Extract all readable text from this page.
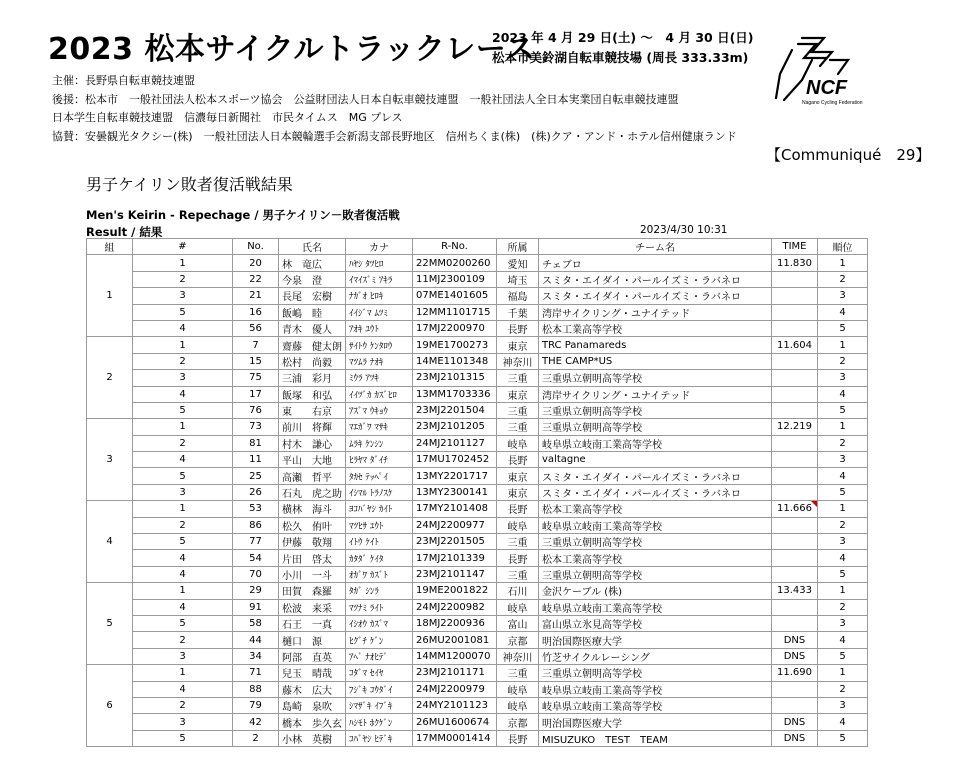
2023 松本サイクルトラックレース
2023 年 4 月 29 日(土) ～　4 月 30 日(日)
松本市美鈴湖自転車競技場 (周長 333.33m)
NCF
Nagano Cycling Federation
主催：長野県自転車競技連盟
後援：松本市　一般社団法人松本スポーツ協会　公益財団法人日本自転車競技連盟　一般社団法人全日本実業団自転車競技連盟
日本学生自転車競技連盟　信濃毎日新聞社　市民タイムス　MG プレス
協賛：安曇観光タクシー(株)　一般社団法人日本競輪選手会新潟支部長野地区　信州ちくま(株)　(株)クア・アンド・ホテル信州健康ランド
【Communiqué　29】
男子ケイリン敗者復活戦結果
Men's Keirin - Repechage / 男子ケイリン－敗者復活戦
Result / 結果	2023/4/30 10:31
組	#	No.	氏名	カナ	R-No.	所属	チーム名	TIME	順位
1	1	20	林　竜広	ﾊﾔｼ ﾀﾂﾋﾛ	22MM0200260	愛知	チェブロ	11.830	1
	2	22	今泉　澄	ｲﾏｲｽﾞﾐ ｱｷﾗ	11MJ2300109	埼玉	スミタ・エイダイ・パールイズミ・ラバネロ		2
	3	21	長尾　宏樹	ﾅｶﾞｵ ﾋﾛｷ	07ME1401605	福島	スミタ・エイダイ・パールイズミ・ラバネロ		3
	5	16	飯嶋　睦	ｲｲｼﾞﾏ ﾑﾂﾐ	12MM1101715	千葉	湾岸サイクリング・ユナイテッド		4
	4	56	青木　優人	ｱｵｷ ﾕｳﾄ	17MJ2200970	長野	松本工業高等学校		5
2	1	7	齋藤　健太朗	ｻｲﾄｳ ｹﾝﾀﾛｳ	19ME1700273	東京	TRC Panamareds	11.604	1
	2	15	松村　尚毅	ﾏﾂﾑﾗ ﾅｵｷ	14ME1101348	神奈川	THE CAMP*US		2
	3	75	三浦　彩月	ﾐｳﾗ ｱﾂｷ	23MJ2101315	三重	三重県立朝明高等学校		3
	4	17	飯塚　和弘	ｲｲﾂﾞｶ ｶｽﾞﾋﾛ	13MM1703336	東京	湾岸サイクリング・ユナイテッド		4
	5	76	東　　右京	ｱｽﾞﾏ ｳｷｮｳ	23MJ2201504	三重	三重県立朝明高等学校		5
3	1	73	前川　将輝	ﾏｴｶﾞﾜ ﾏｻｷ	23MJ2101205	三重	三重県立朝明高等学校	12.219	1
	2	81	村木　謙心	ﾑﾗｷ ｹﾝｼﾝ	24MJ2101127	岐阜	岐阜県立岐南工業高等学校		2
	4	11	平山　大地	ﾋﾗﾔﾏ ﾀﾞｲﾁ	17MU1702452	長野	valtagne		3
	5	25	高瀬　哲平	ﾀｶｾ ﾃｯﾍﾟｲ	13MY2201717	東京	スミタ・エイダイ・パールイズミ・ラバネロ		4
	3	26	石丸　虎之助	ｲｼﾏﾙ ﾄﾗﾉｽｹ	13MY2300141	東京	スミタ・エイダイ・パールイズミ・ラバネロ		5
4	1	53	横林　海斗	ﾖｺﾊﾞﾔｼ ｶｲﾄ	17MY2101408	長野	松本工業高等学校	11.666	1
	2	86	松久　侑叶	ﾏﾂﾋｻ ﾕｳﾄ	24MJ2200977	岐阜	岐阜県立岐南工業高等学校		2
	5	77	伊藤　敬翔	ｲﾄｳ ｹｲﾄ	23MJ2201505	三重	三重県立朝明高等学校		3
	4	54	片田　啓太	ｶﾀﾀﾞ ｹｲﾀ	17MJ2101339	長野	松本工業高等学校		4
	4	70	小川　一斗	ｵｶﾞﾜ ｶｽﾞﾄ	23MJ2101147	三重	三重県立朝明高等学校		5
5	1	29	田賀　森羅	ﾀｶﾞ ｼﾝﾗ	19ME2001822	石川	金沢ケーブル (株)	13.433	1
	4	91	松波　来采	ﾏﾂﾅﾐ ﾗｲﾄ	24MJ2200982	岐阜	岐阜県立岐南工業高等学校		2
	5	58	石王　一真	ｲｼｵｳ ｶｽﾞﾏ	18MJ2200936	富山	富山県立氷見高等学校		3
	2	44	樋口　源	ﾋｸﾞﾁ ｹﾞﾝ	26MU2001081	京都	明治国際医療大学	DNS	4
	3	34	阿部　直英	ｱﾍﾞ ﾅｵﾋﾃﾞ	14MM1200070	神奈川	竹芝サイクルレーシング	DNS	5
6	1	71	兒玉　晴哉	ｺﾀﾞﾏ ｾｲﾔ	23MJ2101171	三重	三重県立朝明高等学校	11.690	1
	4	88	藤木　広大	ﾌｼﾞｷ ｺｳﾀﾞｲ	24MJ2200979	岐阜	岐阜県立岐南工業高等学校		2
	2	79	島崎　泉吹	ｼﾏｻﾞｷ ｲﾌﾞｷ	24MY2101123	岐阜	岐阜県立岐南工業高等学校		3
	3	42	橋本　歩久玄	ﾊｼﾓﾄ ﾎｸｹﾞﾝ	26MU1600674	京都	明治国際医療大学	DNS	4
	5	2	小林　英樹	ｺﾊﾞﾔｼ ﾋﾃﾞｷ	17MM0001414	長野	MISUZUKO　TEST　TEAM	DNS	5
